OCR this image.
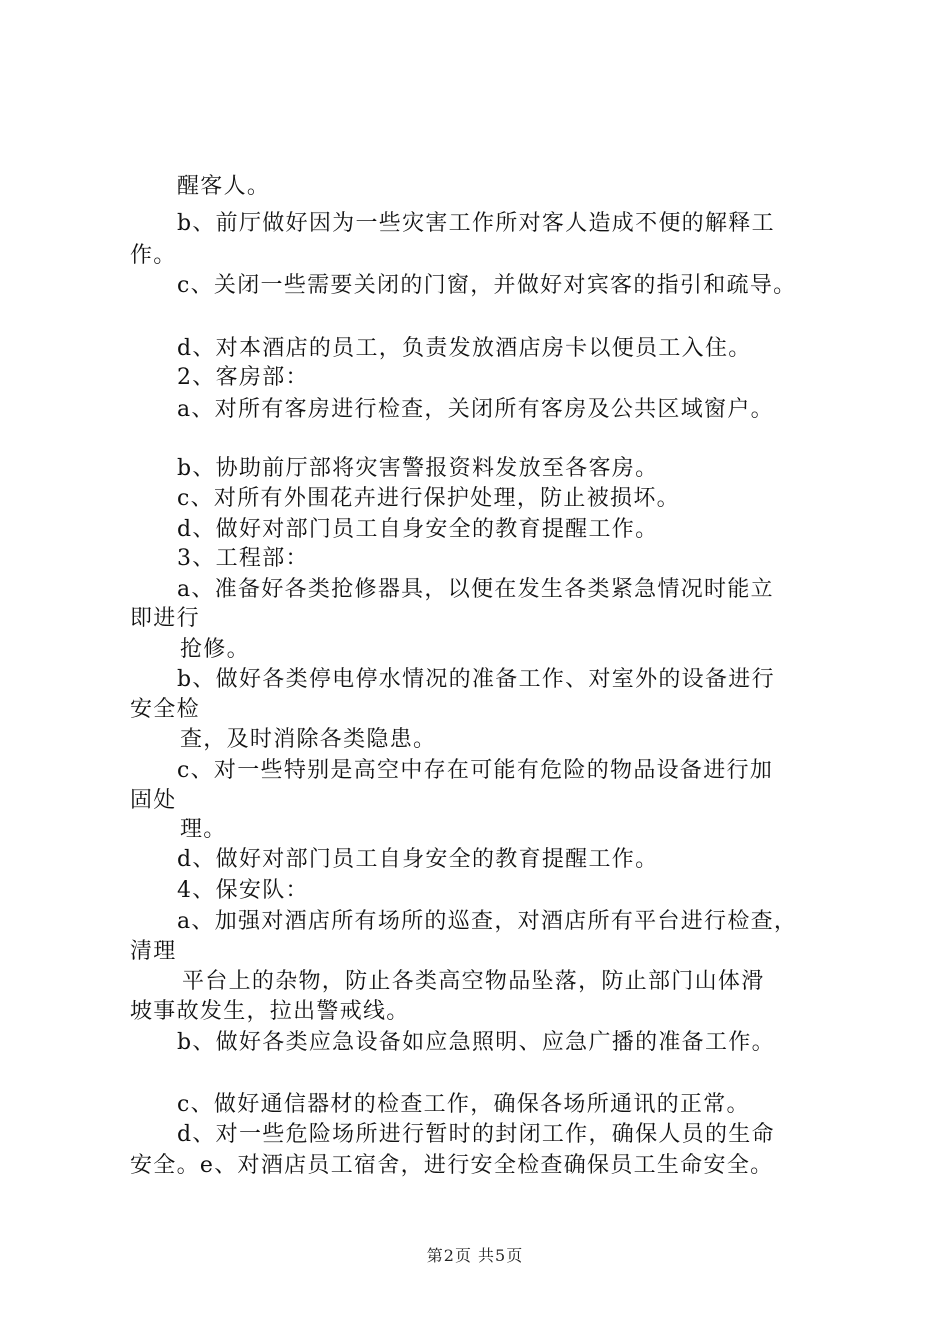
醒客人。
b、前厅做好因为一些灾害工作所对客人造成不便的解释工
作。
c、关闭一些需要关闭的门窗，并做好对宾客的指引和疏导。
d、对本酒店的员工，负责发放酒店房卡以便员工入住。
2、客房部：
a、对所有客房进行检查，关闭所有客房及公共区域窗户。
b、协助前厅部将灾害警报资料发放至各客房。
c、对所有外围花卉进行保护处理，防止被损坏。
d、做好对部门员工自身安全的教育提醒工作。
3、工程部：
a、准备好各类抢修器具，以便在发生各类紧急情况时能立
即进行
抢修。
b、做好各类停电停水情况的准备工作、对室外的设备进行
安全检
查，及时消除各类隐患。
c、对一些特别是高空中存在可能有危险的物品设备进行加
固处
理。
d、做好对部门员工自身安全的教育提醒工作。
4、保安队：
a、加强对酒店所有场所的巡查，对酒店所有平台进行检查，
清理
平台上的杂物，防止各类高空物品坠落，防止部门山体滑
坡事故发生，拉出警戒线。
b、做好各类应急设备如应急照明、应急广播的准备工作。
c、做好通信器材的检查工作，确保各场所通讯的正常。
d、对一些危险场所进行暂时的封闭工作，确保人员的生命
安全。e、对酒店员工宿舍，进行安全检查确保员工生命安全。
第2页 共5页
